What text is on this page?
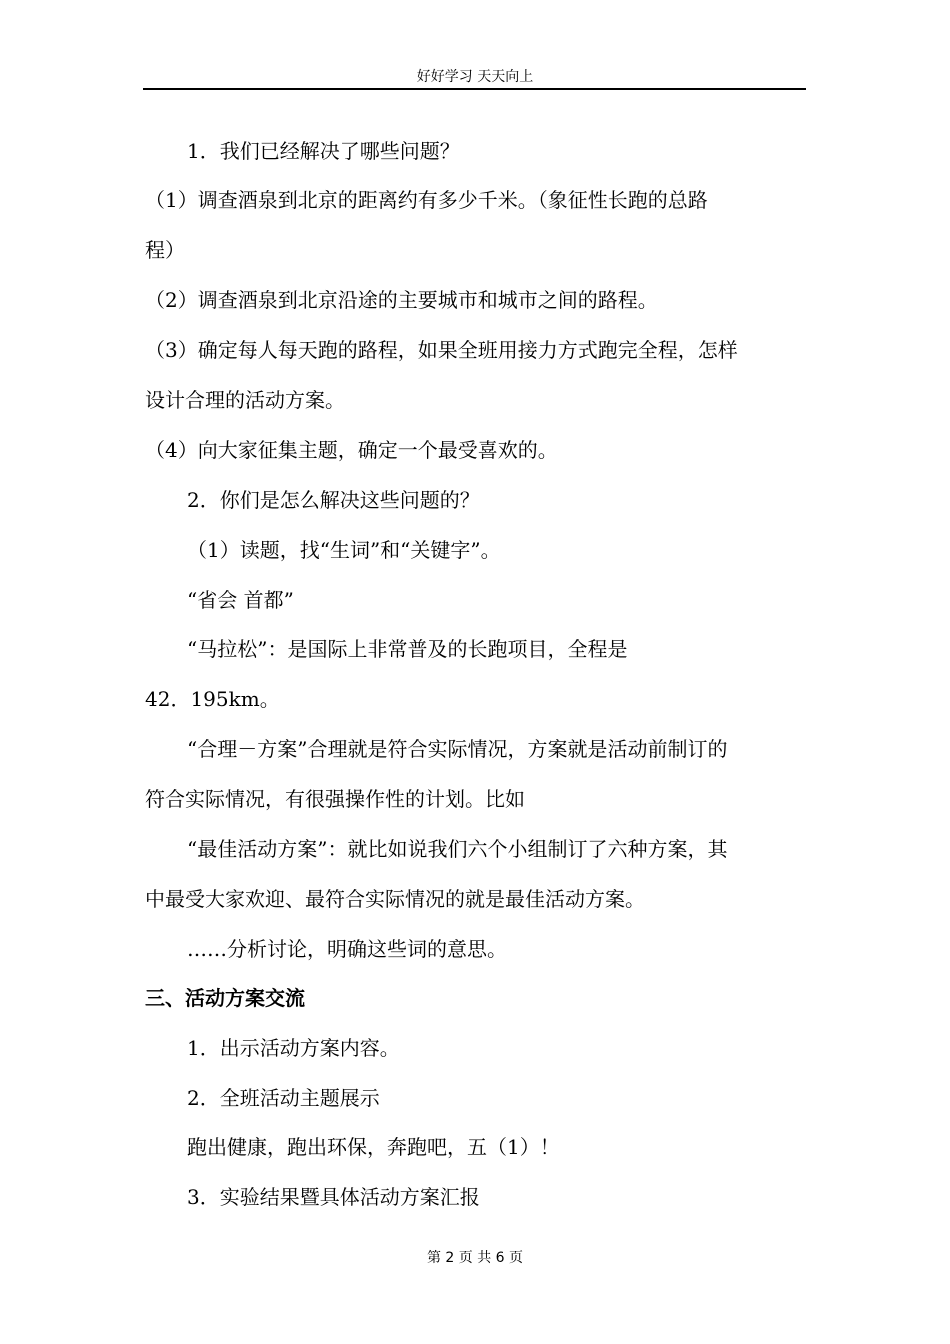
好好学习 天天向上
1．我们已经解决了哪些问题？
（1）调查酒泉到北京的距离约有多少千米。（象征性长跑的总路
程）
（2）调查酒泉到北京沿途的主要城市和城市之间的路程。
（3）确定每人每天跑的路程，如果全班用接力方式跑完全程，怎样
设计合理的活动方案。
（4）向大家征集主题，确定一个最受喜欢的。
2．你们是怎么解决这些问题的？
（1）读题，找“生词”和“关键字”。
“省会 首都”
“马拉松”：是国际上非常普及的长跑项目，全程是
42．195km。
“合理－方案”合理就是符合实际情况，方案就是活动前制订的
符合实际情况，有很强操作性的计划。比如
“最佳活动方案”：就比如说我们六个小组制订了六种方案，其
中最受大家欢迎、最符合实际情况的就是最佳活动方案。
……分析讨论，明确这些词的意思。
三、活动方案交流
1．出示活动方案内容。
2．全班活动主题展示
跑出健康，跑出环保，奔跑吧，五（1）！
3．实验结果暨具体活动方案汇报
第 2 页 共 6 页
